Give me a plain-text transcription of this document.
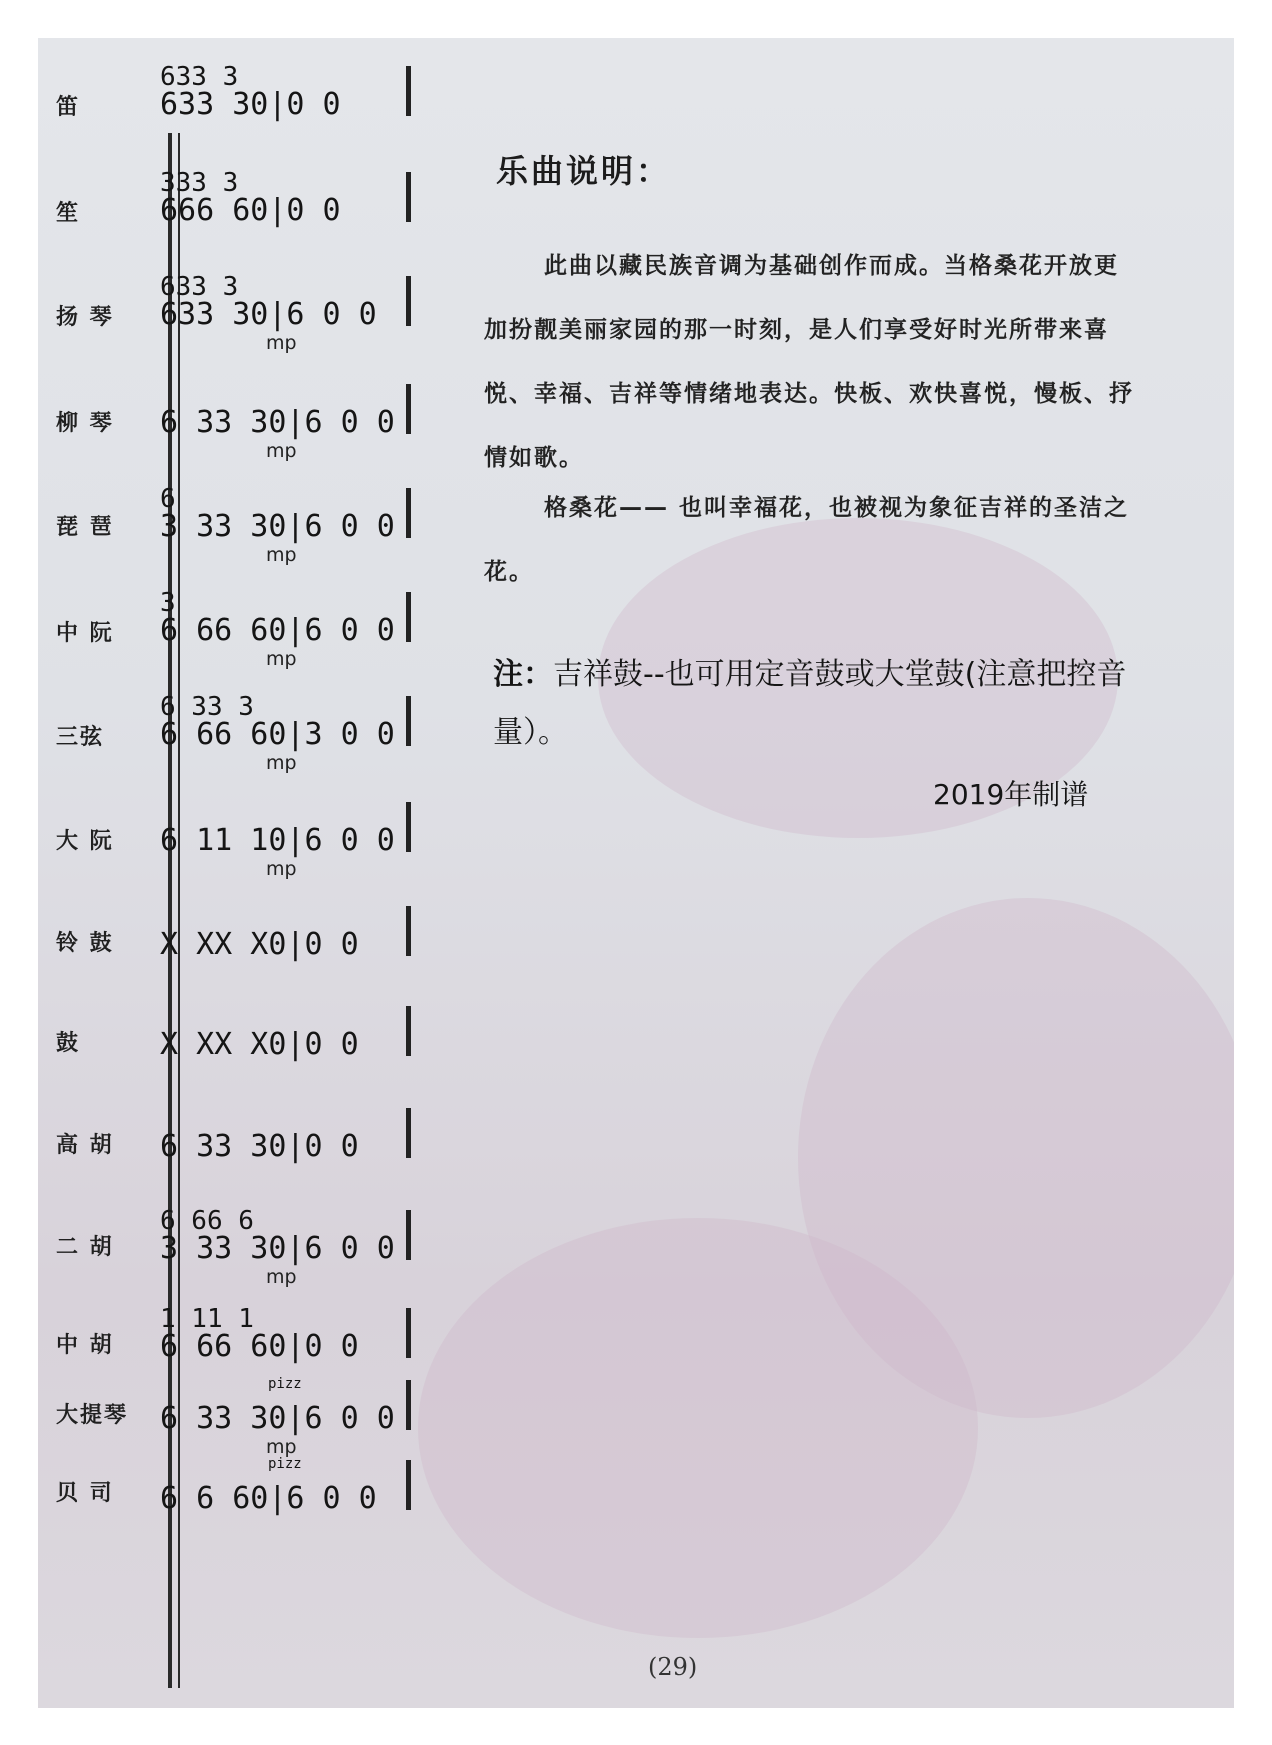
笛
笙
扬 琴
柳 琴
琵 琶
中 阮
三弦
大 阮
铃 鼓
鼓
高 胡
二 胡
中 胡
大提琴
贝 司
633 3
633 30|0 0
333 3
666 60|0 0
633 3
633 30|6 0 0
mp
6 33 30|6 0 0
mp
6
3 33 30|6 0 0
mp
3
6 66 60|6 0 0
mp
6 33 3
6 66 60|3 0 0
mp
6 11 10|6 0 0
mp
X XX X0|0 0
X XX X0|0 0
6 33 30|0 0
6 66 6
3 33 30|6 0 0
mp
1 11 1
6 66 60|0 0
pizz
6 33 30|6 0 0
mp
pizz
6 6 60|6 0 0
乐曲说明：
此曲以藏民族音调为基础创作而成。当格桑花开放更加扮靓美丽家园的那一时刻，是人们享受好时光所带来喜悦、幸福、吉祥等情绪地表达。快板、欢快喜悦，慢板、抒情如歌。
格桑花—— 也叫幸福花，也被视为象征吉祥的圣洁之花。
注：吉祥鼓--也可用定音鼓或大堂鼓(注意把控音量）。
2019年制谱
(29)
